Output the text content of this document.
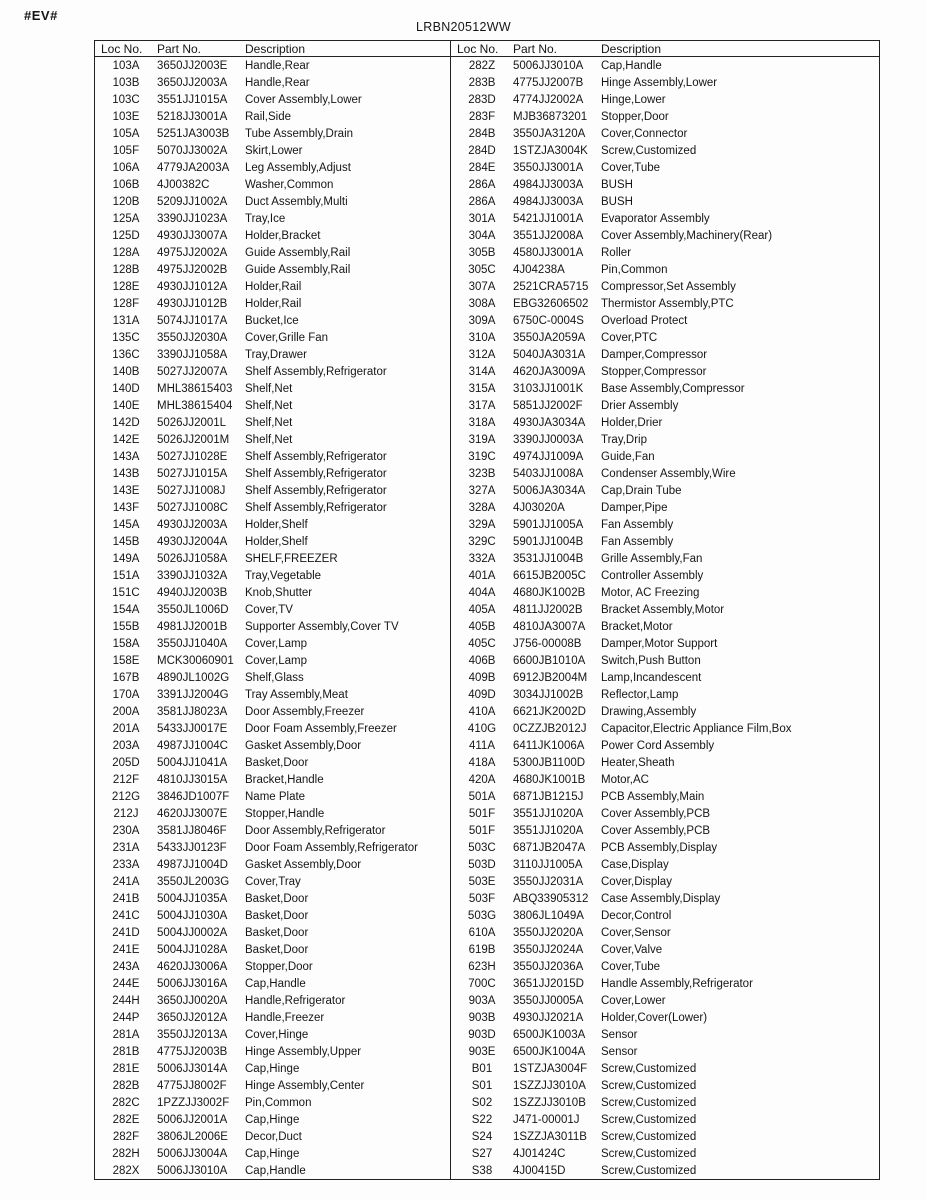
#EV#
LRBN20512WW
Loc No.	Part No.	Description
103A	3650JJ2003E	Handle,Rear
103B	3650JJ2003A	Handle,Rear
103C	3551JJ1015A	Cover Assembly,Lower
103E	5218JJ3001A	Rail,Side
105A	5251JA3003B	Tube Assembly,Drain
105F	5070JJ3002A	Skirt,Lower
106A	4779JA2003A	Leg Assembly,Adjust
106B	4J00382C	Washer,Common
120B	5209JJ1002A	Duct Assembly,Multi
125A	3390JJ1023A	Tray,Ice
125D	4930JJ3007A	Holder,Bracket
128A	4975JJ2002A	Guide Assembly,Rail
128B	4975JJ2002B	Guide Assembly,Rail
128E	4930JJ1012A	Holder,Rail
128F	4930JJ1012B	Holder,Rail
131A	5074JJ1017A	Bucket,Ice
135C	3550JJ2030A	Cover,Grille Fan
136C	3390JJ1058A	Tray,Drawer
140B	5027JJ2007A	Shelf Assembly,Refrigerator
140D	MHL38615403	Shelf,Net
140E	MHL38615404	Shelf,Net
142D	5026JJ2001L	Shelf,Net
142E	5026JJ2001M	Shelf,Net
143A	5027JJ1028E	Shelf Assembly,Refrigerator
143B	5027JJ1015A	Shelf Assembly,Refrigerator
143E	5027JJ1008J	Shelf Assembly,Refrigerator
143F	5027JJ1008C	Shelf Assembly,Refrigerator
145A	4930JJ2003A	Holder,Shelf
145B	4930JJ2004A	Holder,Shelf
149A	5026JJ1058A	SHELF,FREEZER
151A	3390JJ1032A	Tray,Vegetable
151C	4940JJ2003B	Knob,Shutter
154A	3550JL1006D	Cover,TV
155B	4981JJ2001B	Supporter Assembly,Cover TV
158A	3550JJ1040A	Cover,Lamp
158E	MCK30060901 Cover,Lamp
167B	4890JL1002G	Shelf,Glass
170A	3391JJ2004G	Tray Assembly,Meat
200A	3581JJ8023A	Door Assembly,Freezer
201A	5433JJ0017E	Door Foam Assembly,Freezer
203A	4987JJ1004C	Gasket Assembly,Door
205D	5004JJ1041A	Basket,Door
212F	4810JJ3015A	Bracket,Handle
212G	3846JD1007F	Name Plate
212J	4620JJ3007E	Stopper,Handle
230A	3581JJ8046F	Door Assembly,Refrigerator
231A	5433JJ0123F	Door Foam Assembly,Refrigerator
233A	4987JJ1004D	Gasket Assembly,Door
241A	3550JL2003G	Cover,Tray
241B	5004JJ1035A	Basket,Door
241C	5004JJ1030A	Basket,Door
241D	5004JJ0002A	Basket,Door
241E	5004JJ1028A	Basket,Door
243A	4620JJ3006A	Stopper,Door
244E	5006JJ3016A	Cap,Handle
244H	3650JJ0020A	Handle,Refrigerator
244P	3650JJ2012A	Handle,Freezer
281A	3550JJ2013A	Cover,Hinge
281B	4775JJ2003B	Hinge Assembly,Upper
281E	5006JJ3014A	Cap,Hinge
282B	4775JJ8002F	Hinge Assembly,Center
282C	1PZZJJ3002F	Pin,Common
282E	5006JJ2001A	Cap,Hinge
282F	3806JL2006E	Decor,Duct
282H	5006JJ3004A	Cap,Hinge
282X	5006JJ3010A	Cap,Handle
Loc No.	Part No.	Description
282Z	5006JJ3010A	Cap,Handle
283B	4775JJ2007B	Hinge Assembly,Lower
283D	4774JJ2002A	Hinge,Lower
283F	MJB36873201	Stopper,Door
284B	3550JA3120A	Cover,Connector
284D	1STZJA3004K	Screw,Customized
284E	3550JJ3001A	Cover,Tube
286A	4984JJ3003A	BUSH
286A	4984JJ3003A	BUSH
301A	5421JJ1001A	Evaporator Assembly
304A	3551JJ2008A	Cover Assembly,Machinery(Rear)
305B	4580JJ3001A	Roller
305C	4J04238A	Pin,Common
307A	2521CRA5715	Compressor,Set Assembly
308A	EBG32606502	Thermistor Assembly,PTC
309A	6750C-0004S	Overload Protect
310A	3550JA2059A	Cover,PTC
312A	5040JA3031A	Damper,Compressor
314A	4620JA3009A	Stopper,Compressor
315A	3103JJ1001K	Base Assembly,Compressor
317A	5851JJ2002F	Drier Assembly
318A	4930JA3034A	Holder,Drier
319A	3390JJ0003A	Tray,Drip
319C	4974JJ1009A	Guide,Fan
323B	5403JJ1008A	Condenser Assembly,Wire
327A	5006JA3034A	Cap,Drain Tube
328A	4J03020A	Damper,Pipe
329A	5901JJ1005A	Fan Assembly
329C	5901JJ1004B	Fan Assembly
332A	3531JJ1004B	Grille Assembly,Fan
401A	6615JB2005C	Controller Assembly
404A	4680JK1002B	Motor, AC Freezing
405A	4811JJ2002B	Bracket Assembly,Motor
405B	4810JA3007A	Bracket,Motor
405C	J756-00008B	Damper,Motor Support
406B	6600JB1010A	Switch,Push Button
409B	6912JB2004M	Lamp,Incandescent
409D	3034JJ1002B	Reflector,Lamp
410A	6621JK2002D	Drawing,Assembly
410G	0CZZJB2012J	Capacitor,Electric Appliance Film,Box
411A	6411JK1006A	Power Cord Assembly
418A	5300JB1100D	Heater,Sheath
420A	4680JK1001B	Motor,AC
501A	6871JB1215J	PCB Assembly,Main
501F	3551JJ1020A	Cover Assembly,PCB
501F	3551JJ1020A	Cover Assembly,PCB
503C	6871JB2047A	PCB Assembly,Display
503D	3110JJ1005A	Case,Display
503E	3550JJ2031A	Cover,Display
503F	ABQ33905312	Case Assembly,Display
503G	3806JL1049A	Decor,Control
610A	3550JJ2020A	Cover,Sensor
619B	3550JJ2024A	Cover,Valve
623H	3550JJ2036A	Cover,Tube
700C	3651JJ2015D	Handle Assembly,Refrigerator
903A	3550JJ0005A	Cover,Lower
903B	4930JJ2021A	Holder,Cover(Lower)
903D	6500JK1003A	Sensor
903E	6500JK1004A	Sensor
B01	1STZJA3004F	Screw,Customized
S01	1SZZJJ3010A	Screw,Customized
S02	1SZZJJ3010B	Screw,Customized
S22	J471-00001J	Screw,Customized
S24	1SZZJA3011B	Screw,Customized
S27	4J01424C	Screw,Customized
S38	4J00415D	Screw,Customized
